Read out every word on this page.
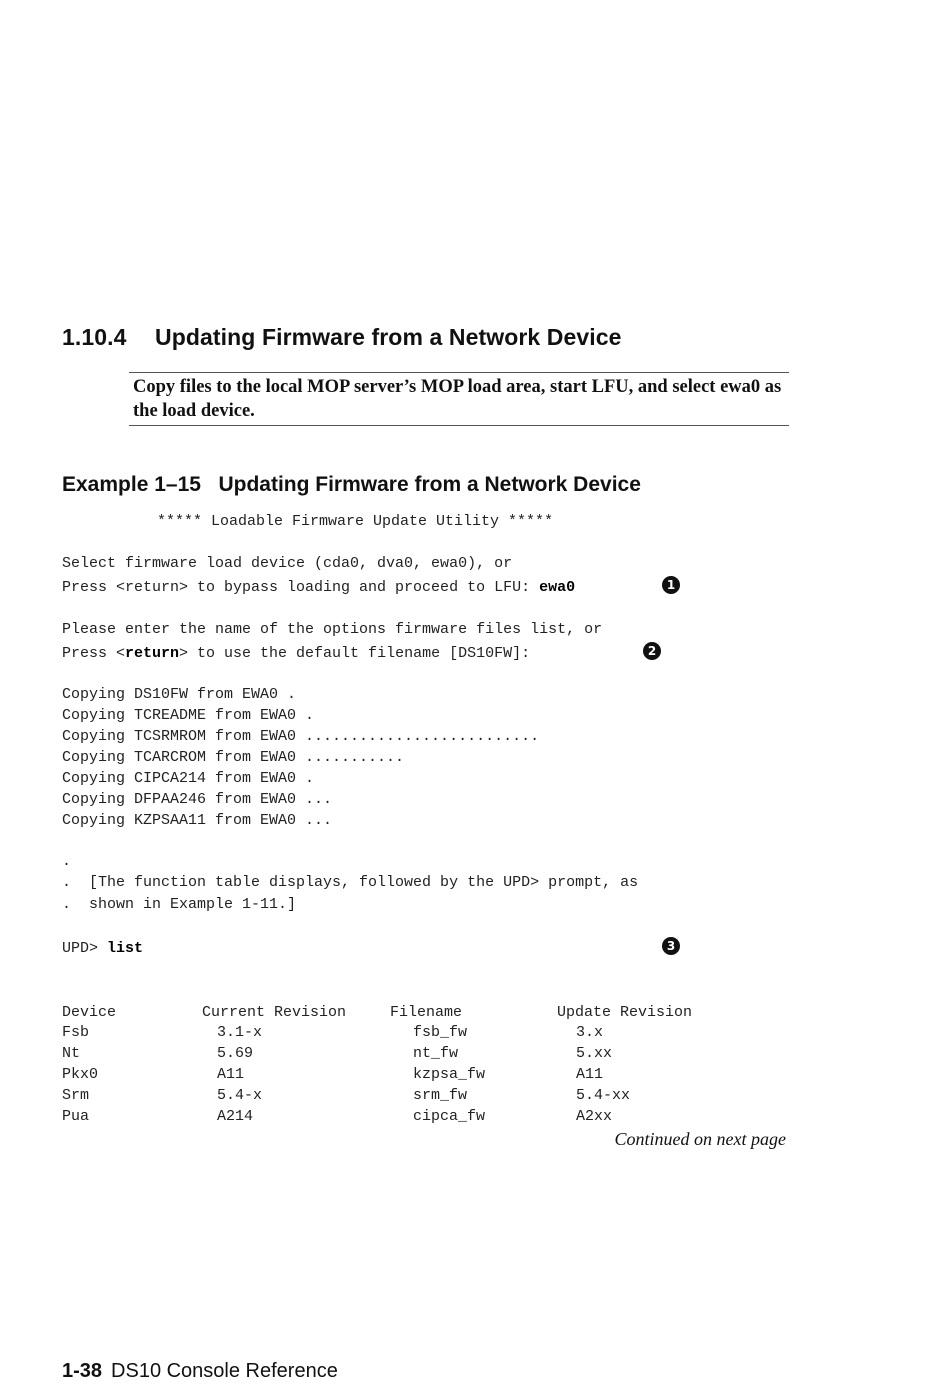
1.10.4 Updating Firmware from a Network Device
Copy files to the local MOP server’s MOP load area, start LFU, and select ewa0 as the load device.
Example 1–15 Updating Firmware from a Network Device
***** Loadable Firmware Update Utility *****
Select firmware load device (cda0, dva0, ewa0), or
Press <return> to bypass loading and proceed to LFU: ewa0
Please enter the name of the options firmware files list, or
Press <return> to use the default filename [DS10FW]:
Copying DS10FW from EWA0 .
Copying TCREADME from EWA0 .
Copying TCSRMROM from EWA0 ..........................
Copying TCARCROM from EWA0 ...........
Copying CIPCA214 from EWA0 .
Copying DFPAA246 from EWA0 ...
Copying KZPSAA11 from EWA0 ...
.
.  [The function table displays, followed by the UPD> prompt, as
.  shown in Example 1-11.]
UPD> list
Device	Current Revision	Filename	Update Revision
Fsb	3.1-x	fsb_fw	3.x
Nt	5.69	nt_fw	5.xx
Pkx0	A11	kzpsa_fw	A11
Srm	5.4-x	srm_fw	5.4-xx
Pua	A214	cipca_fw	A2xx
1
2
3
Continued on next page
1-38 DS10 Console Reference
